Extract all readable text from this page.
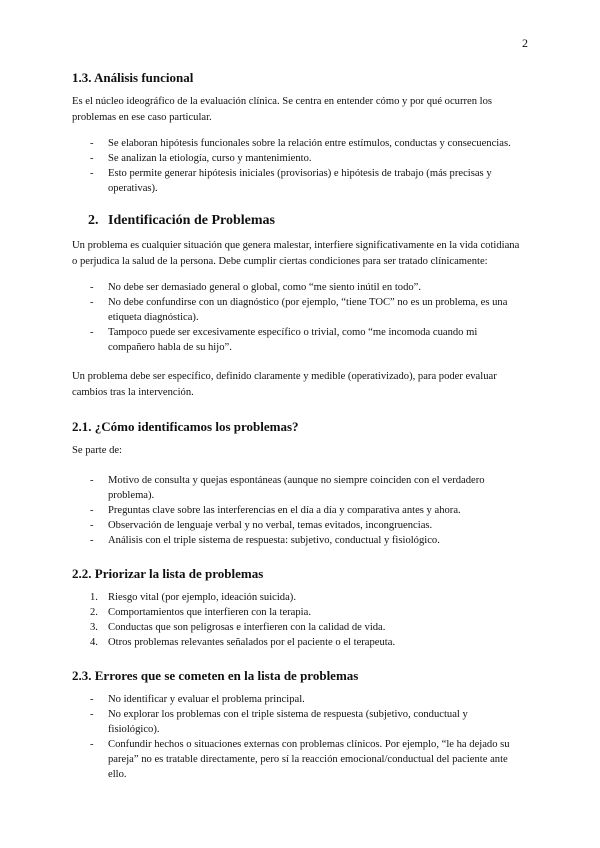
2
1.3. Análisis funcional

Es el núcleo ideográfico de la evaluación clínica. Se centra en entender cómo y por qué ocurren los problemas en ese caso particular.

- Se elaboran hipótesis funcionales sobre la relación entre estímulos, conductas y consecuencias.
- Se analizan la etiología, curso y mantenimiento.
- Esto permite generar hipótesis iniciales (provisorias) e hipótesis de trabajo (más precisas y operativas).
2. Identificación de Problemas

Un problema es cualquier situación que genera malestar, interfiere significativamente en la vida cotidiana o perjudica la salud de la persona. Debe cumplir ciertas condiciones para ser tratado clínicamente:

- No debe ser demasiado general o global, como “me siento inútil en todo”.
- No debe confundirse con un diagnóstico (por ejemplo, “tiene TOC” no es un problema, es una etiqueta diagnóstica).
- Tampoco puede ser excesivamente específico o trivial, como “me incomoda cuando mi compañero habla de su hijo”.

Un problema debe ser específico, definido claramente y medible (operativizado), para poder evaluar cambios tras la intervención.

2.1. ¿Cómo identificamos los problemas?

Se parte de:

- Motivo de consulta y quejas espontáneas (aunque no siempre coinciden con el verdadero problema).
- Preguntas clave sobre las interferencias en el día a día y comparativa antes y ahora.
- Observación de lenguaje verbal y no verbal, temas evitados, incongruencias.
- Análisis con el triple sistema de respuesta: subjetivo, conductual y fisiológico.
2.2. Priorizar la lista de problemas
1. Riesgo vital (por ejemplo, ideación suicida).
2. Comportamientos que interfieren con la terapia.
3. Conductas que son peligrosas e interfieren con la calidad de vida.
4. Otros problemas relevantes señalados por el paciente o el terapeuta.
2.3. Errores que se cometen en la lista de problemas
- No identificar y evaluar el problema principal.
- No explorar los problemas con el triple sistema de respuesta (subjetivo, conductual y fisiológico).
- Confundir hechos o situaciones externas con problemas clínicos. Por ejemplo, “le ha dejado su pareja” no es tratable directamente, pero sí la reacción emocional/conductual del paciente ante ello.
